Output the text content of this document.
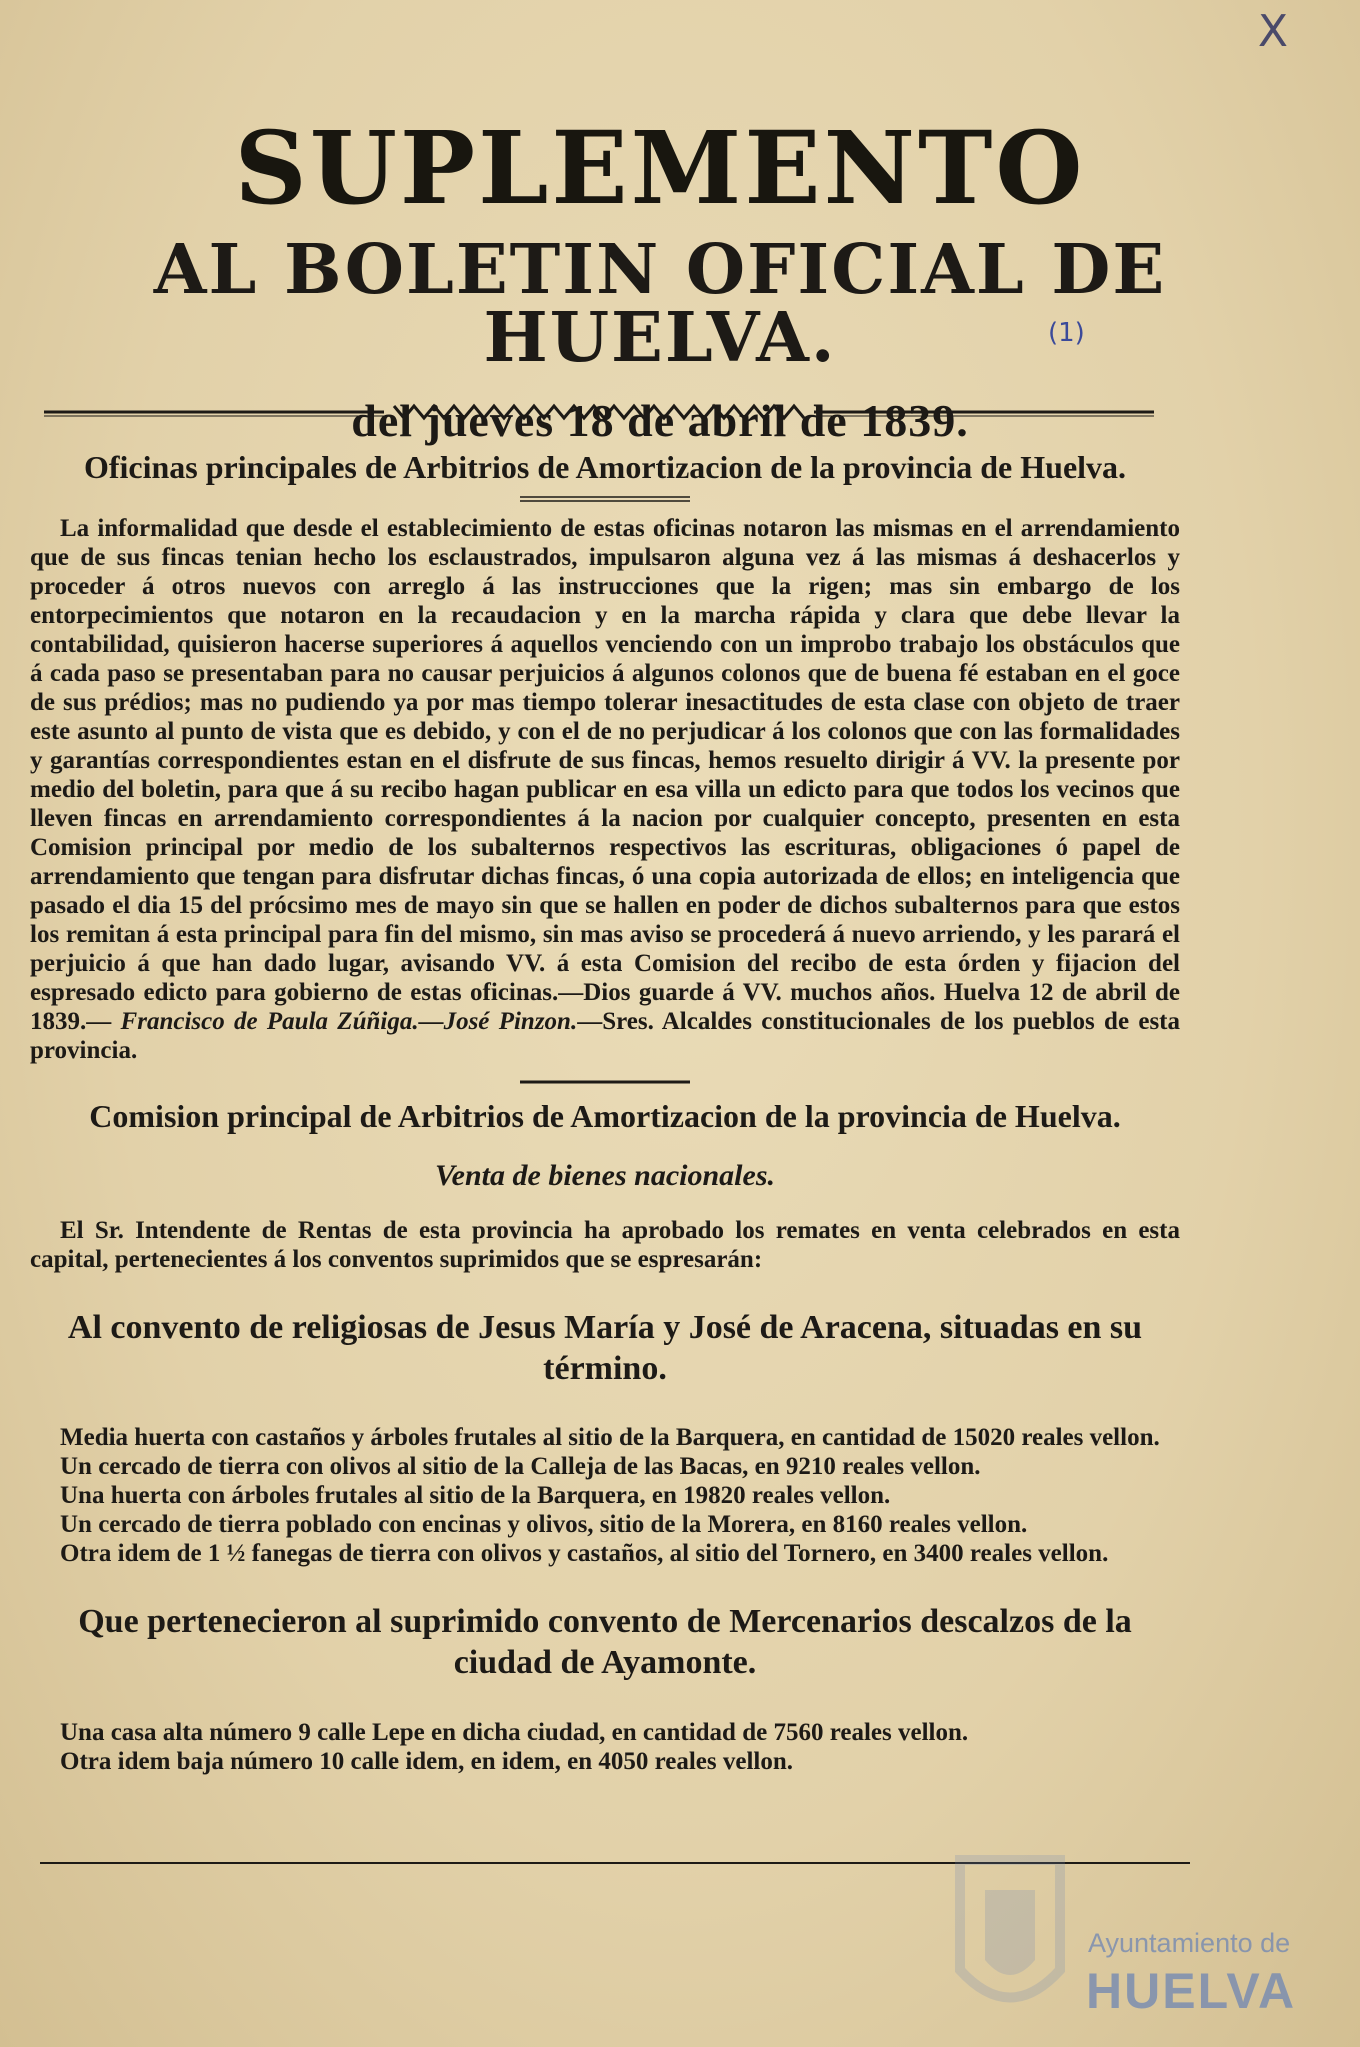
X
SUPLEMENTO
AL BOLETIN OFICIAL DE HUELVA.
del jueves 18 de abril de 1839.
(1)
Oficinas principales de Arbitrios de Amortizacion de la provincia de Huelva.

La informalidad que desde el establecimiento de estas oficinas notaron las mismas en el arrendamiento que de sus fincas tenian hecho los esclaustrados, impulsaron alguna vez á las mismas á deshacerlos y proceder á otros nuevos con arreglo á las instrucciones que la rigen; mas sin embargo de los entorpecimientos que notaron en la recaudacion y en la marcha rápida y clara que debe llevar la contabilidad, quisieron hacerse superiores á aquellos venciendo con un improbo trabajo los obstáculos que á cada paso se presentaban para no causar perjuicios á algunos colonos que de buena fé estaban en el goce de sus prédios; mas no pudiendo ya por mas tiempo tolerar inesactitudes de esta clase con objeto de traer este asunto al punto de vista que es debido, y con el de no perjudicar á los colonos que con las formalidades y garantías correspondientes estan en el disfrute de sus fincas, hemos resuelto dirigir á VV. la presente por medio del boletin, para que á su recibo hagan publicar en esa villa un edicto para que todos los vecinos que lleven fincas en arrendamiento correspondientes á la nacion por cualquier concepto, presenten en esta Comision principal por medio de los subalternos respectivos las escrituras, obligaciones ó papel de arrendamiento que tengan para disfrutar dichas fincas, ó una copia autorizada de ellos; en inteligencia que pasado el dia 15 del prócsimo mes de mayo sin que se hallen en poder de dichos subalternos para que estos los remitan á esta principal para fin del mismo, sin mas aviso se procederá á nuevo arriendo, y les parará el perjuicio á que han dado lugar, avisando VV. á esta Comision del recibo de esta órden y fijacion del espresado edicto para gobierno de estas oficinas.—Dios guarde á VV. muchos años. Huelva 12 de abril de 1839.— Francisco de Paula Zúñiga.—José Pinzon.—Sres. Alcaldes constitucionales de los pueblos de esta provincia.

Comision principal de Arbitrios de Amortizacion de la provincia de Huelva.
Venta de bienes nacionales.

El Sr. Intendente de Rentas de esta provincia ha aprobado los remates en venta celebrados en esta capital, pertenecientes á los conventos suprimidos que se espresarán:

Al convento de religiosas de Jesus María y José de Aracena, situadas en su término.

Media huerta con castaños y árboles frutales al sitio de la Barquera, en cantidad de 15020 reales vellon.

Un cercado de tierra con olivos al sitio de la Calleja de las Bacas, en 9210 reales vellon.

Una huerta con árboles frutales al sitio de la Barquera, en 19820 reales vellon.

Un cercado de tierra poblado con encinas y olivos, sitio de la Morera, en 8160 reales vellon.

Otra idem de 1 ½ fanegas de tierra con olivos y castaños, al sitio del Tornero, en 3400 reales vellon.

Que pertenecieron al suprimido convento de Mercenarios descalzos de la ciudad de Ayamonte.

Una casa alta número 9 calle Lepe en dicha ciudad, en cantidad de 7560 reales vellon.

Otra idem baja número 10 calle idem, en idem, en 4050 reales vellon.

Ayuntamiento de
HUELVA
